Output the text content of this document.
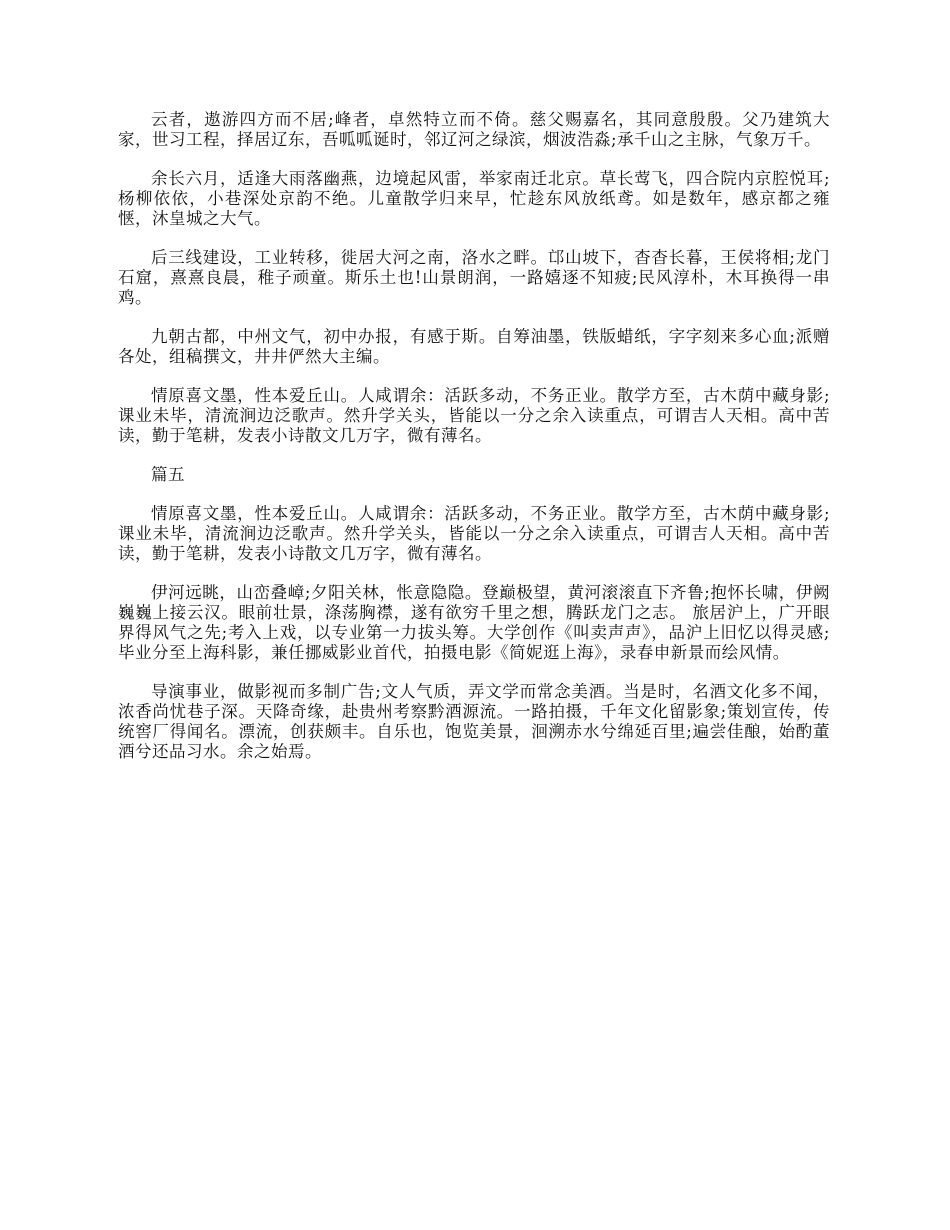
云者，遨游四方而不居;峰者，卓然特立而不倚。慈父赐嘉名，其同意殷殷。父乃建筑大家，世习工程，择居辽东，吾呱呱诞时，邻辽河之绿滨，烟波浩淼;承千山之主脉，气象万千。

余长六月，适逢大雨落幽燕，边境起风雷，举家南迁北京。草长莺飞，四合院内京腔悦耳;杨柳依依，小巷深处京韵不绝。儿童散学归来早，忙趁东风放纸鸢。如是数年，感京都之雍惬，沐皇城之大气。

后三线建设，工业转移，徙居大河之南，洛水之畔。邙山坡下，杳杳长暮，王侯将相;龙门石窟，熹熹良晨，稚子顽童。斯乐土也!山景朗润，一路嬉逐不知疲;民风淳朴，木耳换得一串鸡。

九朝古都，中州文气，初中办报，有感于斯。自筹油墨，铁版蜡纸，字字刻来多心血;派赠各处，组稿撰文，井井俨然大主编。

情原喜文墨，性本爱丘山。人咸谓余：活跃多动，不务正业。散学方至，古木荫中藏身影;课业未毕，清流涧边泛歌声。然升学关头，皆能以一分之余入读重点，可谓吉人天相。高中苦读，勤于笔耕，发表小诗散文几万字，微有薄名。

篇五

情原喜文墨，性本爱丘山。人咸谓余：活跃多动，不务正业。散学方至，古木荫中藏身影;课业未毕，清流涧边泛歌声。然升学关头，皆能以一分之余入读重点，可谓吉人天相。高中苦读，勤于笔耕，发表小诗散文几万字，微有薄名。

伊河远眺，山峦叠嶂;夕阳关林，怅意隐隐。登巅极望，黄河滚滚直下齐鲁;抱怀长啸，伊阙巍巍上接云汉。眼前壮景，涤荡胸襟，遂有欲穷千里之想，腾跃龙门之志。 旅居沪上，广开眼界得风气之先;考入上戏，以专业第一力拔头筹。大学创作《叫卖声声》，品沪上旧忆以得灵感;毕业分至上海科影，兼任挪威影业首代，拍摄电影《简妮逛上海》，录春申新景而绘风情。

导演事业，做影视而多制广告;文人气质，弄文学而常念美酒。当是时，名酒文化多不闻，浓香尚忧巷子深。天降奇缘，赴贵州考察黔酒源流。一路拍摄，千年文化留影象;策划宣传，传统窖厂得闻名。漂流，创获颇丰。自乐也，饱览美景，洄溯赤水兮绵延百里;遍尝佳酿，始酌董酒兮还品习水。余之始焉。
